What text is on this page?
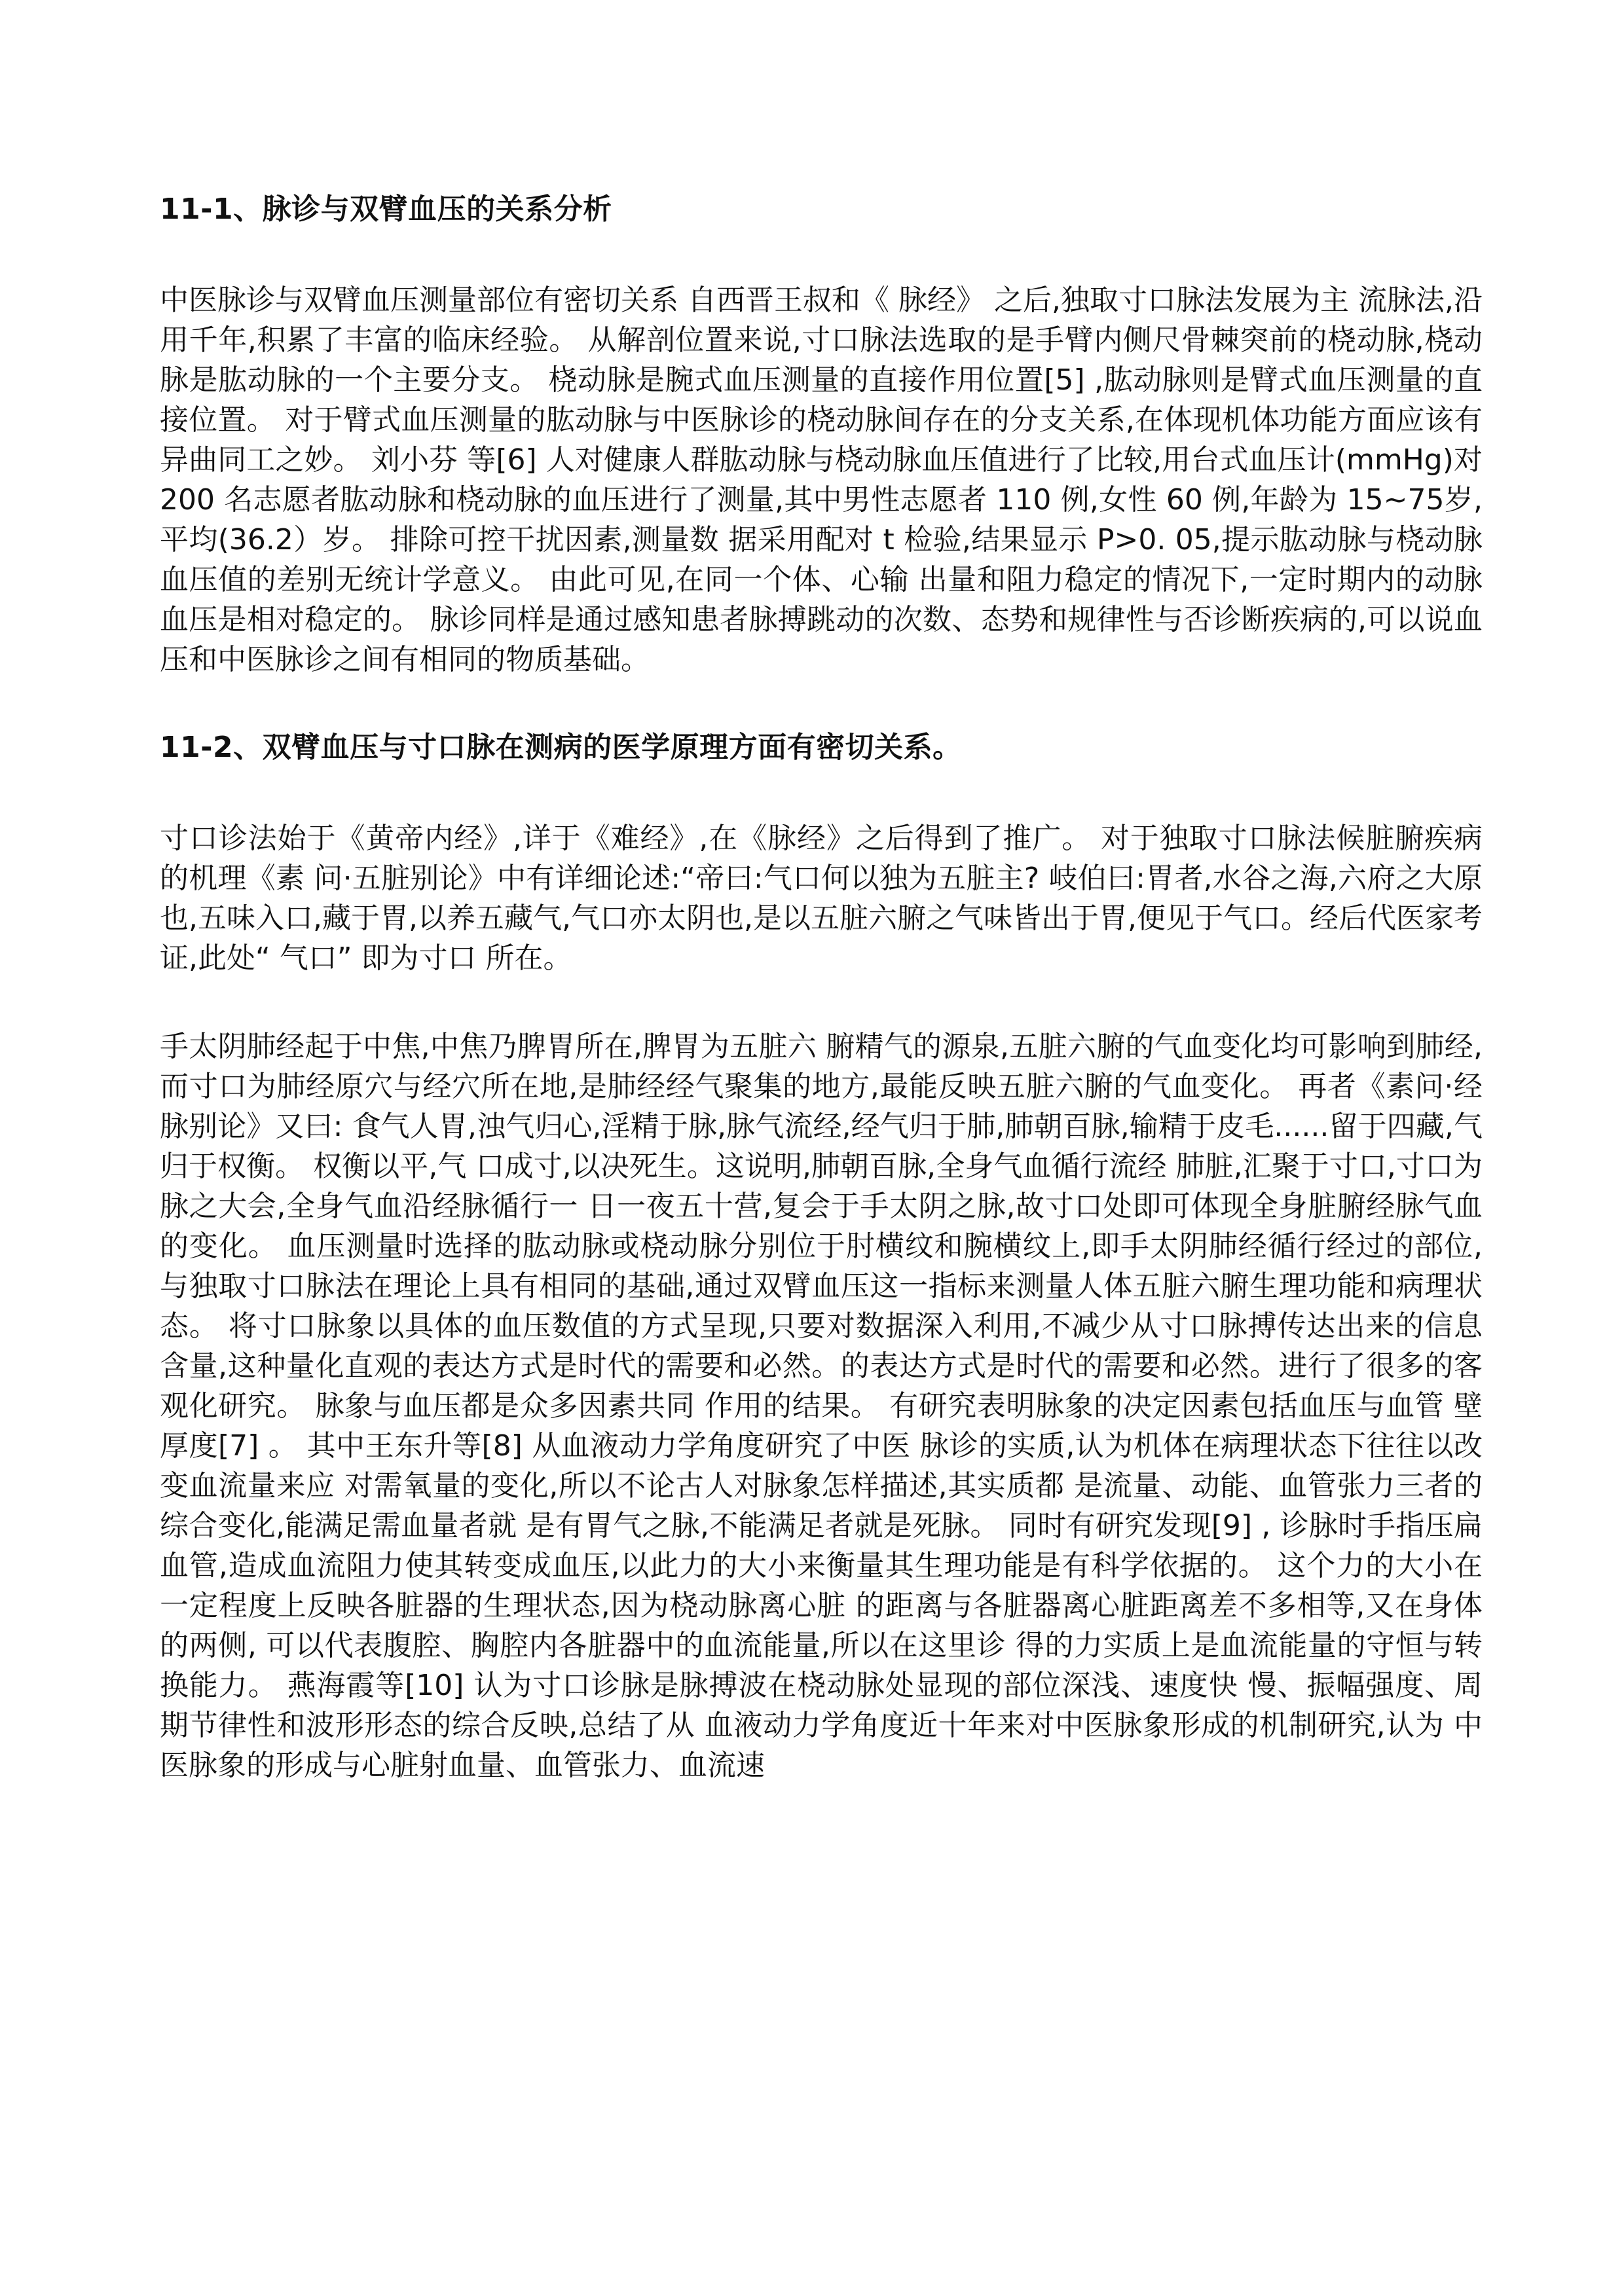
11-1、脉诊与双臂血压的关系分析

中医脉诊与双臂血压测量部位有密切关系 自西晋王叔和《 脉经》 之后,独取寸口脉法发展为主 流脉法,沿用千年,积累了丰富的临床经验。 从解剖位置来说,寸口脉法选取的是手臂内侧尺骨棘突前的桡动脉,桡动脉是肱动脉的一个主要分支。 桡动脉是腕式血压测量的直接作用位置[5] ,肱动脉则是臂式血压测量的直接位置。 对于臂式血压测量的肱动脉与中医脉诊的桡动脉间存在的分支关系,在体现机体功能方面应该有异曲同工之妙。 刘小芬 等[6] 人对健康人群肱动脉与桡动脉血压值进行了比较,用台式血压计(mmHg)对 200 名志愿者肱动脉和桡动脉的血压进行了测量,其中男性志愿者 110 例,女性 60 例,年龄为 15~75岁,平均(36.2）岁。 排除可控干扰因素,测量数 据采用配对 t 检验,结果显示 P>0. 05,提示肱动脉与桡动脉 血压值的差别无统计学意义。 由此可见,在同一个体、心输 出量和阻力稳定的情况下,一定时期内的动脉血压是相对稳定的。 脉诊同样是通过感知患者脉搏跳动的次数、态势和规律性与否诊断疾病的,可以说血压和中医脉诊之间有相同的物质基础。

11-2、双臂血压与寸口脉在测病的医学原理方面有密切关系。

寸口诊法始于《黄帝内经》,详于《难经》,在《脉经》之后得到了推广。 对于独取寸口脉法候脏腑疾病的机理《素 问·五脏别论》中有详细论述:“帝曰:气口何以独为五脏主? 岐伯曰:胃者,水谷之海,六府之大原也,五味入口,藏于胃,以养五藏气,气口亦太阴也,是以五脏六腑之气味皆出于胃,便见于气口。经后代医家考证,此处“ 气口” 即为寸口 所在。

手太阴肺经起于中焦,中焦乃脾胃所在,脾胃为五脏六 腑精气的源泉,五脏六腑的气血变化均可影响到肺经,而寸口为肺经原穴与经穴所在地,是肺经经气聚集的地方,最能反映五脏六腑的气血变化。 再者《素问·经脉别论》又曰: 食气人胃,浊气归心,淫精于脉,脉气流经,经气归于肺,肺朝百脉,输精于皮毛......留于四藏,气归于权衡。 权衡以平,气 口成寸,以决死生。这说明,肺朝百脉,全身气血循行流经 肺脏,汇聚于寸口,寸口为脉之大会,全身气血沿经脉循行一 日一夜五十营,复会于手太阴之脉,故寸口处即可体现全身脏腑经脉气血的变化。 血压测量时选择的肱动脉或桡动脉分别位于肘横纹和腕横纹上,即手太阴肺经循行经过的部位,与独取寸口脉法在理论上具有相同的基础,通过双臂血压这一指标来测量人体五脏六腑生理功能和病理状态。 将寸口脉象以具体的血压数值的方式呈现,只要对数据深入利用,不减少从寸口脉搏传达出来的信息含量,这种量化直观的表达方式是时代的需要和必然。的表达方式是时代的需要和必然。进行了很多的客观化研究。 脉象与血压都是众多因素共同 作用的结果。 有研究表明脉象的决定因素包括血压与血管 壁厚度[7] 。 其中王东升等[8] 从血液动力学角度研究了中医 脉诊的实质,认为机体在病理状态下往往以改变血流量来应 对需氧量的变化,所以不论古人对脉象怎样描述,其实质都 是流量、动能、血管张力三者的综合变化,能满足需血量者就 是有胃气之脉,不能满足者就是死脉。 同时有研究发现[9] , 诊脉时手指压扁血管,造成血流阻力使其转变成血压,以此力的大小来衡量其生理功能是有科学依据的。 这个力的大小在一定程度上反映各脏器的生理状态,因为桡动脉离心脏 的距离与各脏器离心脏距离差不多相等,又在身体的两侧, 可以代表腹腔、胸腔内各脏器中的血流能量,所以在这里诊 得的力实质上是血流能量的守恒与转换能力。 燕海霞等[10] 认为寸口诊脉是脉搏波在桡动脉处显现的部位深浅、速度快 慢、振幅强度、周期节律性和波形形态的综合反映,总结了从 血液动力学角度近十年来对中医脉象形成的机制研究,认为 中医脉象的形成与心脏射血量、血管张力、血流速
